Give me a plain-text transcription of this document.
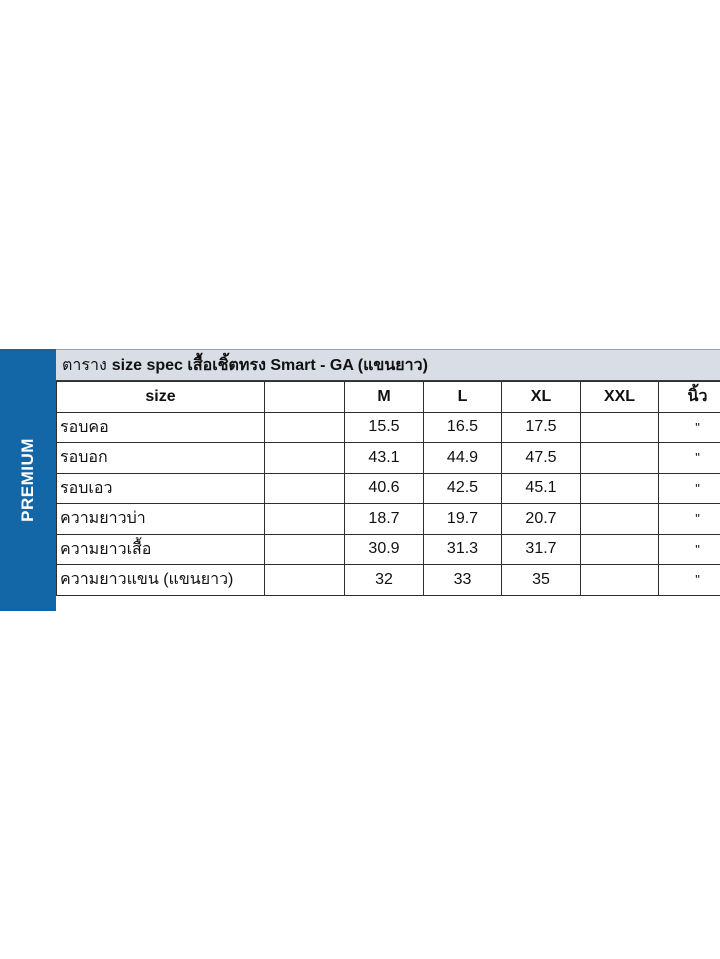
PREMIUM
ตาราง size spec เสื้อเชิ้ตทรง Smart - GA (แขนยาว)
size		M	L	XL	XXL	นิ้ว
รอบคอ		15.5	16.5	17.5		"
รอบอก		43.1	44.9	47.5		"
รอบเอว		40.6	42.5	45.1		"
ความยาวบ่า		18.7	19.7	20.7		"
ความยาวเสื้อ		30.9	31.3	31.7		"
ความยาวแขน (แขนยาว)		32	33	35		"
